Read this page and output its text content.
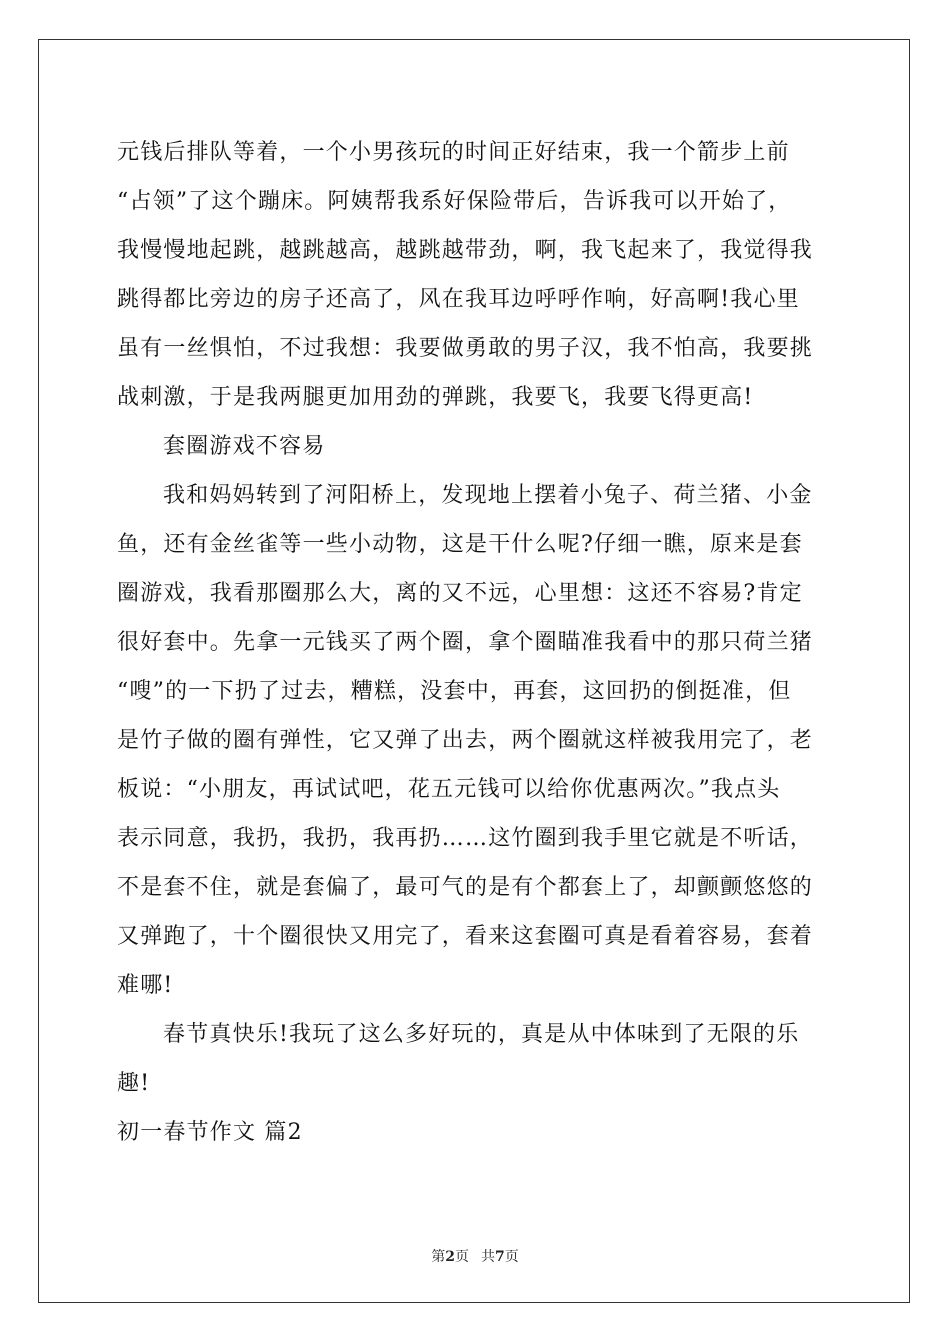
元钱后排队等着，一个小男孩玩的时间正好结束，我一个箭步上前
“占领”了这个蹦床。阿姨帮我系好保险带后，告诉我可以开始了，
我慢慢地起跳，越跳越高，越跳越带劲，啊，我飞起来了，我觉得我
跳得都比旁边的房子还高了，风在我耳边呼呼作响，好高啊!我心里
虽有一丝惧怕，不过我想：我要做勇敢的男子汉，我不怕高，我要挑
战刺激，于是我两腿更加用劲的弹跳，我要飞，我要飞得更高!
套圈游戏不容易
我和妈妈转到了河阳桥上，发现地上摆着小兔子、荷兰猪、小金
鱼，还有金丝雀等一些小动物，这是干什么呢?仔细一瞧，原来是套
圈游戏，我看那圈那么大，离的又不远，心里想：这还不容易?肯定
很好套中。先拿一元钱买了两个圈，拿个圈瞄准我看中的那只荷兰猪
“嗖”的一下扔了过去，糟糕，没套中，再套，这回扔的倒挺准，但
是竹子做的圈有弹性，它又弹了出去，两个圈就这样被我用完了，老
板说：“小朋友，再试试吧，花五元钱可以给你优惠两次。”我点头
表示同意，我扔，我扔，我再扔……这竹圈到我手里它就是不听话，
不是套不住，就是套偏了，最可气的是有个都套上了，却颤颤悠悠的
又弹跑了，十个圈很快又用完了，看来这套圈可真是看着容易，套着
难哪!
春节真快乐!我玩了这么多好玩的，真是从中体味到了无限的乐
趣!
初一春节作文 篇2
第2页 共7页
